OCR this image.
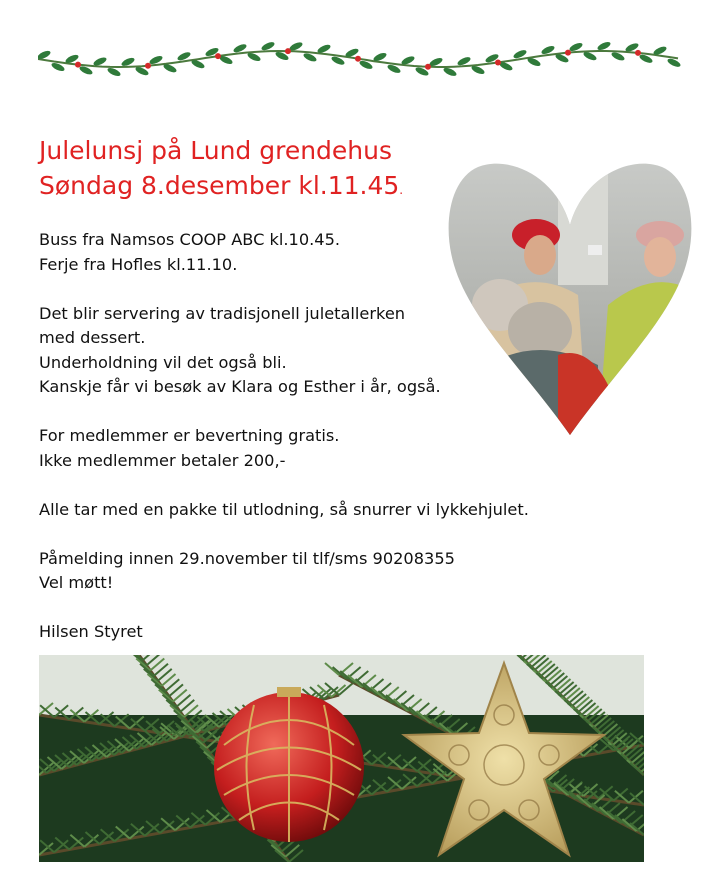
Julelunsj på Lund grendehus
Søndag 8.desember kl.11.45.

Buss fra Namsos COOP ABC kl.10.45.

Ferje fra Hofles kl.11.10.

Det blir servering av tradisjonell juletallerken

med dessert.

Underholdning vil det også bli.

Kanskje får vi besøk av Klara og Esther i år, også.

For medlemmer er bevertning gratis.

Ikke medlemmer betaler 200,-

Alle tar med en pakke til utlodning, så snurrer vi lykkehjulet.

Påmelding innen 29.november til tlf/sms 90208355

Vel møtt!

Hilsen Styret
